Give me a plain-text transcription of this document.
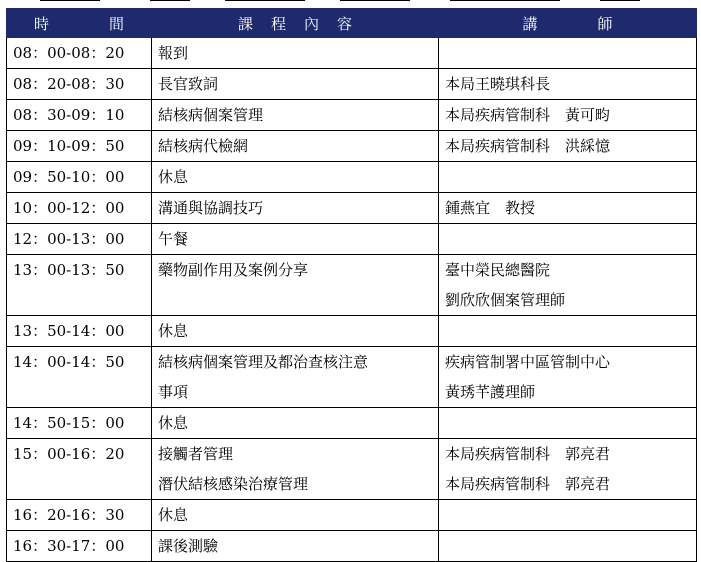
時 間	課 程 內 容	講 師
08：00-08：20	報到	

08：20-08：30	長官致詞	本局王曉琪科長

08：30-09：10	結核病個案管理	本局疾病管制科　黃可畇

09：10-09：50	結核病代檢網	本局疾病管制科　洪綵憶

09：50-10：00	休息	

10：00-12：00	溝通與協調技巧	鍾燕宜　教授

12：00-13：00	午餐	

13：00-13：50	藥物副作用及案例分享	臺中榮民總醫院
劉欣欣個案管理師

13：50-14：00	休息	

14：00-14：50	結核病個案管理及都治查核注意
事項	疾病管制署中區管制中心
黃琇芊護理師

14：50-15：00	休息	

15：00-16：20	接觸者管理
潛伏結核感染治療管理	本局疾病管制科　郭亮君
本局疾病管制科　郭亮君

16：20-16：30	休息	

16：30-17：00	課後測驗	
